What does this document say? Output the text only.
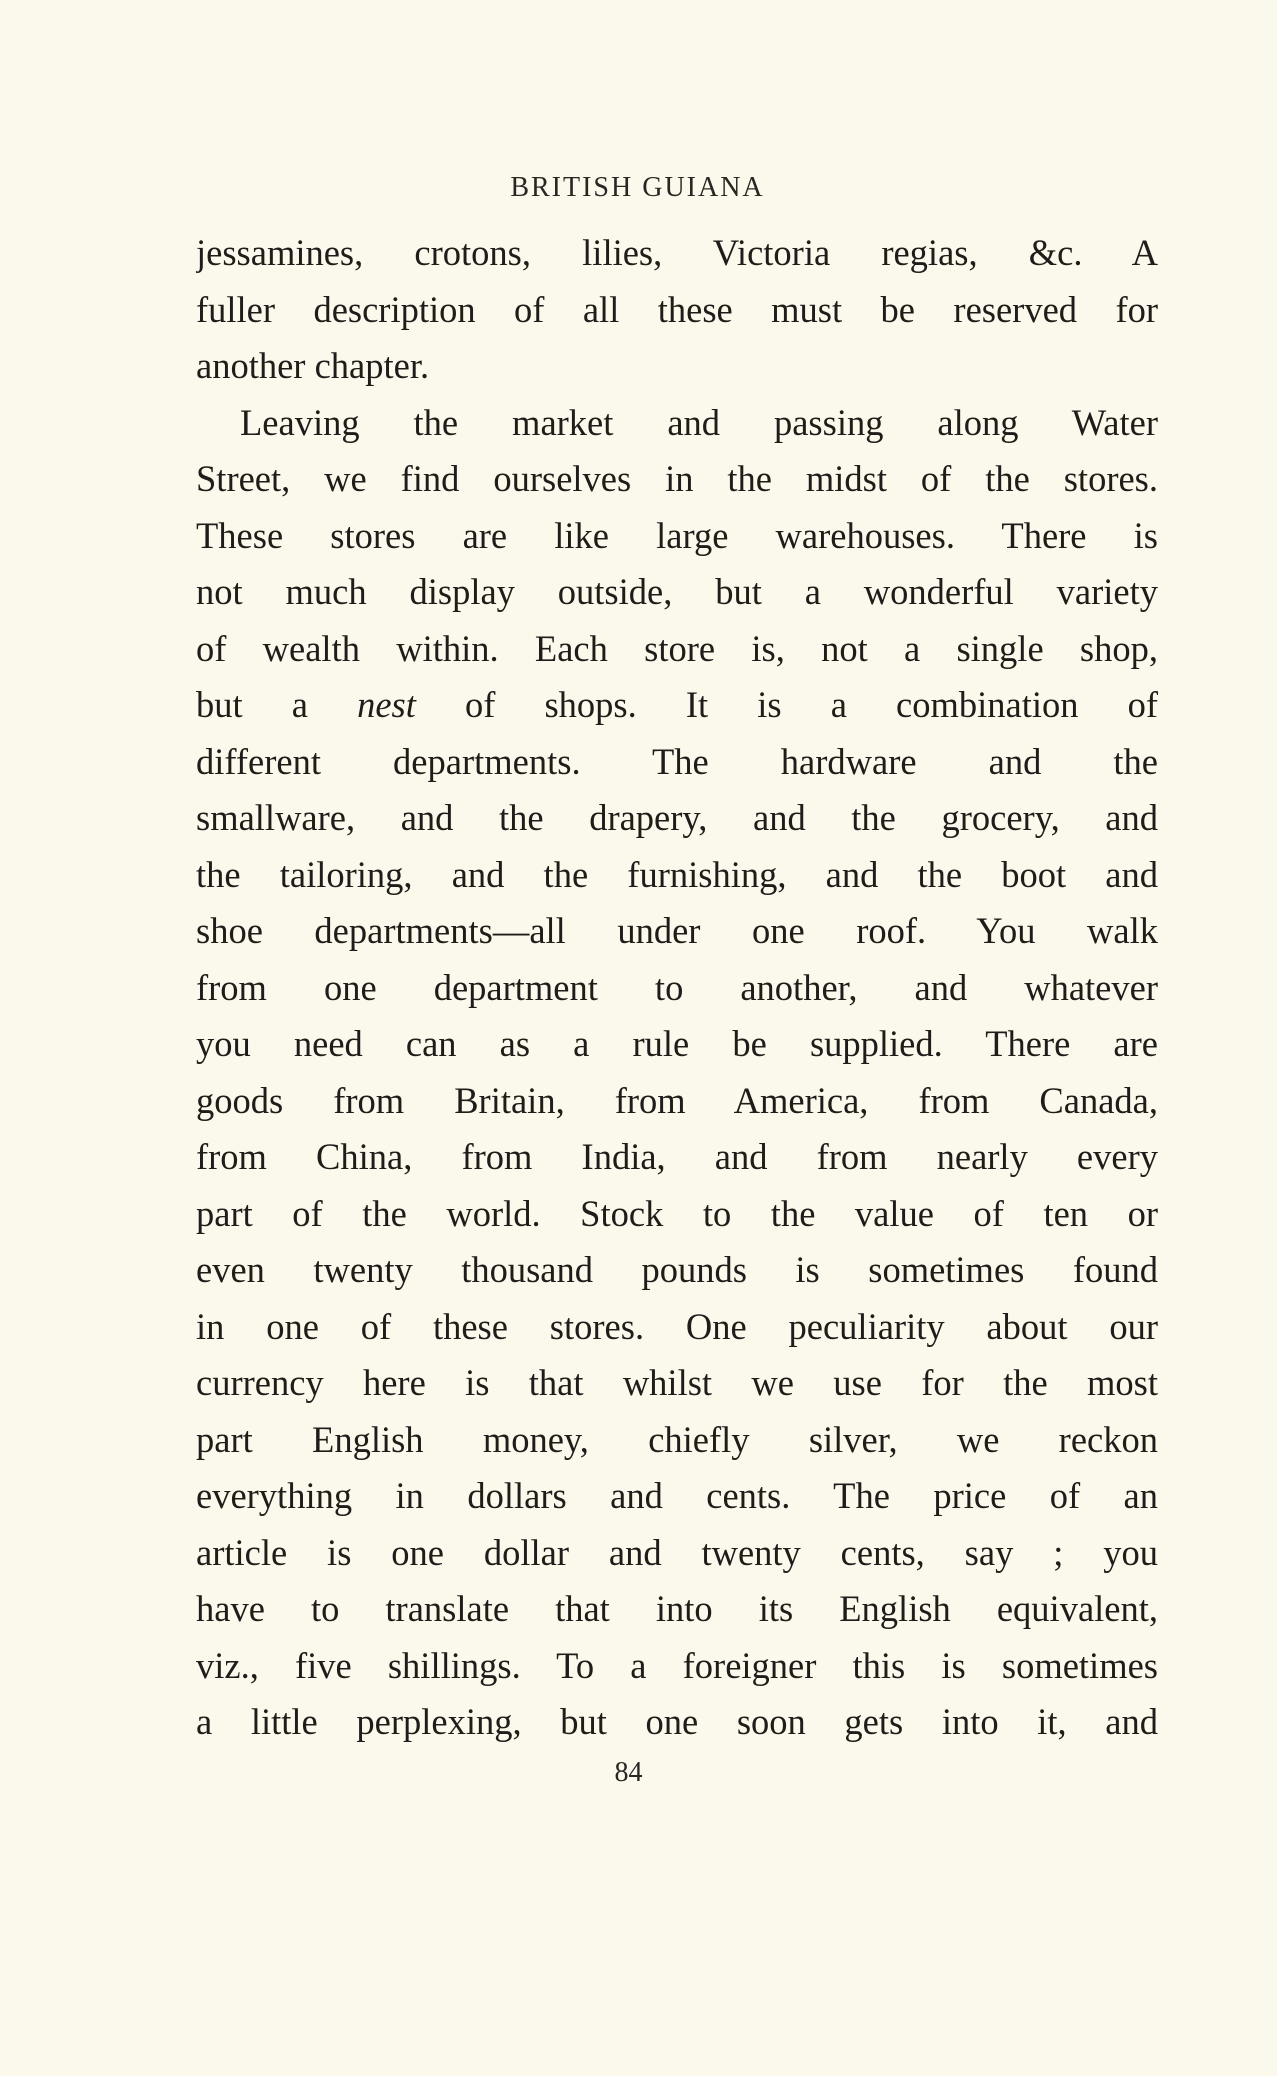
BRITISH GUIANA
jessamines, crotons, lilies, Victoria regias, &c. A
fuller description of all these must be reserved for
another chapter.
Leaving the market and passing along Water
Street, we find ourselves in the midst of the stores.
These stores are like large warehouses. There is
not much display outside, but a wonderful variety
of wealth within. Each store is, not a single shop,
but a nest of shops. It is a combination of
different departments. The hardware and the
smallware, and the drapery, and the grocery, and
the tailoring, and the furnishing, and the boot and
shoe departments—all under one roof. You walk
from one department to another, and whatever
you need can as a rule be supplied. There are
goods from Britain, from America, from Canada,
from China, from India, and from nearly every
part of the world. Stock to the value of ten or
even twenty thousand pounds is sometimes found
in one of these stores. One peculiarity about our
currency here is that whilst we use for the most
part English money, chiefly silver, we reckon
everything in dollars and cents. The price of an
article is one dollar and twenty cents, say ; you
have to translate that into its English equivalent,
viz., five shillings. To a foreigner this is sometimes
a little perplexing, but one soon gets into it, and
84
